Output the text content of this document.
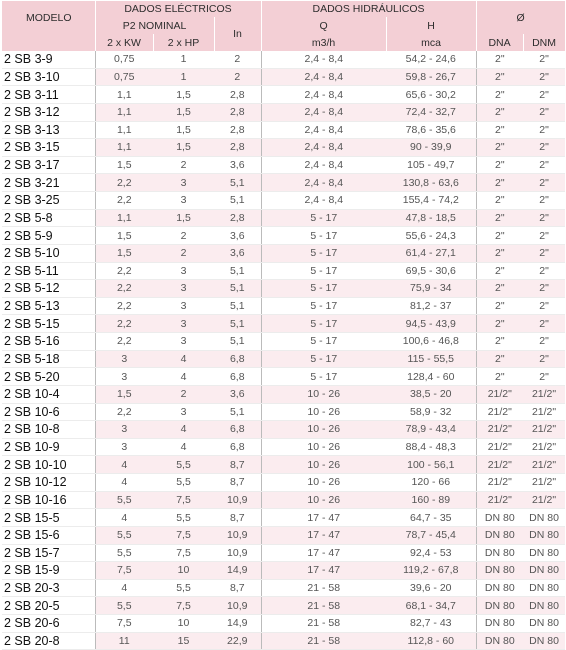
MODELO	DADOS ELÉCTRICOS			DADOS HIDRÁULICOS		Ø	
	P2 NOMINAL		In	Q	H		
	2 x KW	2 x HP		m3/h	mca	DNA	DNM
2 SB 3-9	0,75	1	2	2,4 - 8,4	54,2 - 24,6	2"	2"
2 SB 3-10	0,75	1	2	2,4 - 8,4	59,8 - 26,7	2"	2"
2 SB 3-11	1,1	1,5	2,8	2,4 - 8,4	65,6 - 30,2	2"	2"
2 SB 3-12	1,1	1,5	2,8	2,4 - 8,4	72,4 - 32,7	2"	2"
2 SB 3-13	1,1	1,5	2,8	2,4 - 8,4	78,6 - 35,6	2"	2"
2 SB 3-15	1,1	1,5	2,8	2,4 - 8,4	90 - 39,9	2"	2"
2 SB 3-17	1,5	2	3,6	2,4 - 8,4	105 - 49,7	2"	2"
2 SB 3-21	2,2	3	5,1	2,4 - 8,4	130,8 - 63,6	2"	2"
2 SB 3-25	2,2	3	5,1	2,4 - 8,4	155,4 - 74,2	2"	2"
2 SB 5-8	1,1	1,5	2,8	5 - 17	47,8 - 18,5	2"	2"
2 SB 5-9	1,5	2	3,6	5 - 17	55,6 - 24,3	2"	2"
2 SB 5-10	1,5	2	3,6	5 - 17	61,4 - 27,1	2"	2"
2 SB 5-11	2,2	3	5,1	5 - 17	69,5 - 30,6	2"	2"
2 SB 5-12	2,2	3	5,1	5 - 17	75,9 - 34	2"	2"
2 SB 5-13	2,2	3	5,1	5 - 17	81,2 - 37	2"	2"
2 SB 5-15	2,2	3	5,1	5 - 17	94,5 - 43,9	2"	2"
2 SB 5-16	2,2	3	5,1	5 - 17	100,6 - 46,8	2"	2"
2 SB 5-18	3	4	6,8	5 - 17	115 - 55,5	2"	2"
2 SB 5-20	3	4	6,8	5 - 17	128,4 - 60	2"	2"
2 SB 10-4	1,5	2	3,6	10 - 26	38,5 - 20	21/2"	21/2"
2 SB 10-6	2,2	3	5,1	10 - 26	58,9 - 32	21/2"	21/2"
2 SB 10-8	3	4	6,8	10 - 26	78,9 - 43,4	21/2"	21/2"
2 SB 10-9	3	4	6,8	10 - 26	88,4 - 48,3	21/2"	21/2"
2 SB 10-10	4	5,5	8,7	10 - 26	100 - 56,1	21/2"	21/2"
2 SB 10-12	4	5,5	8,7	10 - 26	120 - 66	21/2"	21/2"
2 SB 10-16	5,5	7,5	10,9	10 - 26	160 - 89	21/2"	21/2"
2 SB 15-5	4	5,5	8,7	17 - 47	64,7 - 35	DN 80	DN 80
2 SB 15-6	5,5	7,5	10,9	17 - 47	78,7 - 45,4	DN 80	DN 80
2 SB 15-7	5,5	7,5	10,9	17 - 47	92,4 - 53	DN 80	DN 80
2 SB 15-9	7,5	10	14,9	17 - 47	119,2 - 67,8	DN 80	DN 80
2 SB 20-3	4	5,5	8,7	21 - 58	39,6 - 20	DN 80	DN 80
2 SB 20-5	5,5	7,5	10,9	21 - 58	68,1 - 34,7	DN 80	DN 80
2 SB 20-6	7,5	10	14,9	21 - 58	82,7 - 43	DN 80	DN 80
2 SB 20-8	11	15	22,9	21 - 58	112,8 - 60	DN 80	DN 80
